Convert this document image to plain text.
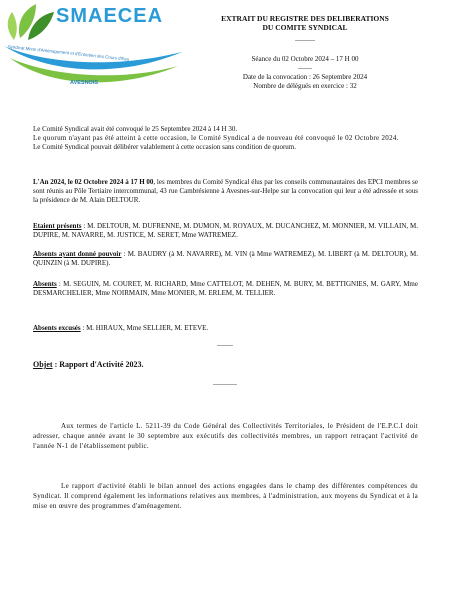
SMAECEA
Syndicat Mixte d'Aménagement et d'Entretien des Cours d'Eau
AVESNOIS
EXTRAIT DU REGISTRE DES DELIBERATIONS
DU COMITE SYNDICAL
----------
Séance du 02 Octobre 2024 – 17 H 00
-------
Date de la convocation : 26 Septembre 2024
Nombre de délégués en exercice : 32
Le Comité Syndical avait été convoqué le 25 Septembre 2024 à 14 H 30.
Le quorum n'ayant pas été atteint à cette occasion, le Comité Syndical a de nouveau été convoqué le 02 Octobre 2024.
Le Comité Syndical pouvait délibérer valablement à cette occasion sans condition de quorum.
L'An 2024, le 02 Octobre 2024 à 17 H 00, les membres du Comité Syndical élus par les conseils communautaires des EPCI membres se sont réunis au Pôle Tertiaire intercommunal, 43 rue Cambrésienne à Avesnes-sur-Helpe sur la convocation qui leur a été adressée et sous la présidence de M. Alain DELTOUR.
Etaient présents : M. DELTOUR, M. DUFRENNE, M. DUMON, M. ROYAUX, M. DUCANCHEZ, M. MONNIER, M. VILLAIN, M. DUPIRE, M. NAVARRE, M. JUSTICE, M. SERET, Mme WATREMEZ.
Absents ayant donné pouvoir : M. BAUDRY (à M. NAVARRE), M. VIN (à Mme WATREMEZ), M. LIBERT (à M. DELTOUR), M. QUINZIN (à M. DUPIRE).
Absents : M. SEGUIN, M. COURET, M. RICHARD, Mme CATTELOT, M. DEHEN, M. BURY, M. BETTIGNIES, M. GARY, Mme DESMARCHELIER, Mme NOIRMAIN, Mme MONIER, M. ERLEM, M. TELLIER.
Absents excusés : M. HIRAUX, Mme SELLIER, M. ETEVE.
--------
Objet : Rapport d'Activité 2023.
------------
Aux termes de l'article L. 5211-39 du Code Général des Collectivités Territoriales, le Président de l'E.P.C.I doit adresser, chaque année avant le 30 septembre aux exécutifs des collectivités membres, un rapport retraçant l'activité de l'année N-1 de l'établissement public.
Le rapport d'activité établi le bilan annuel des actions engagées dans le champ des différentes compétences du Syndicat. Il comprend également les informations relatives aux membres, à l'administration, aux moyens du Syndicat et à la mise en œuvre des programmes d'aménagement.
